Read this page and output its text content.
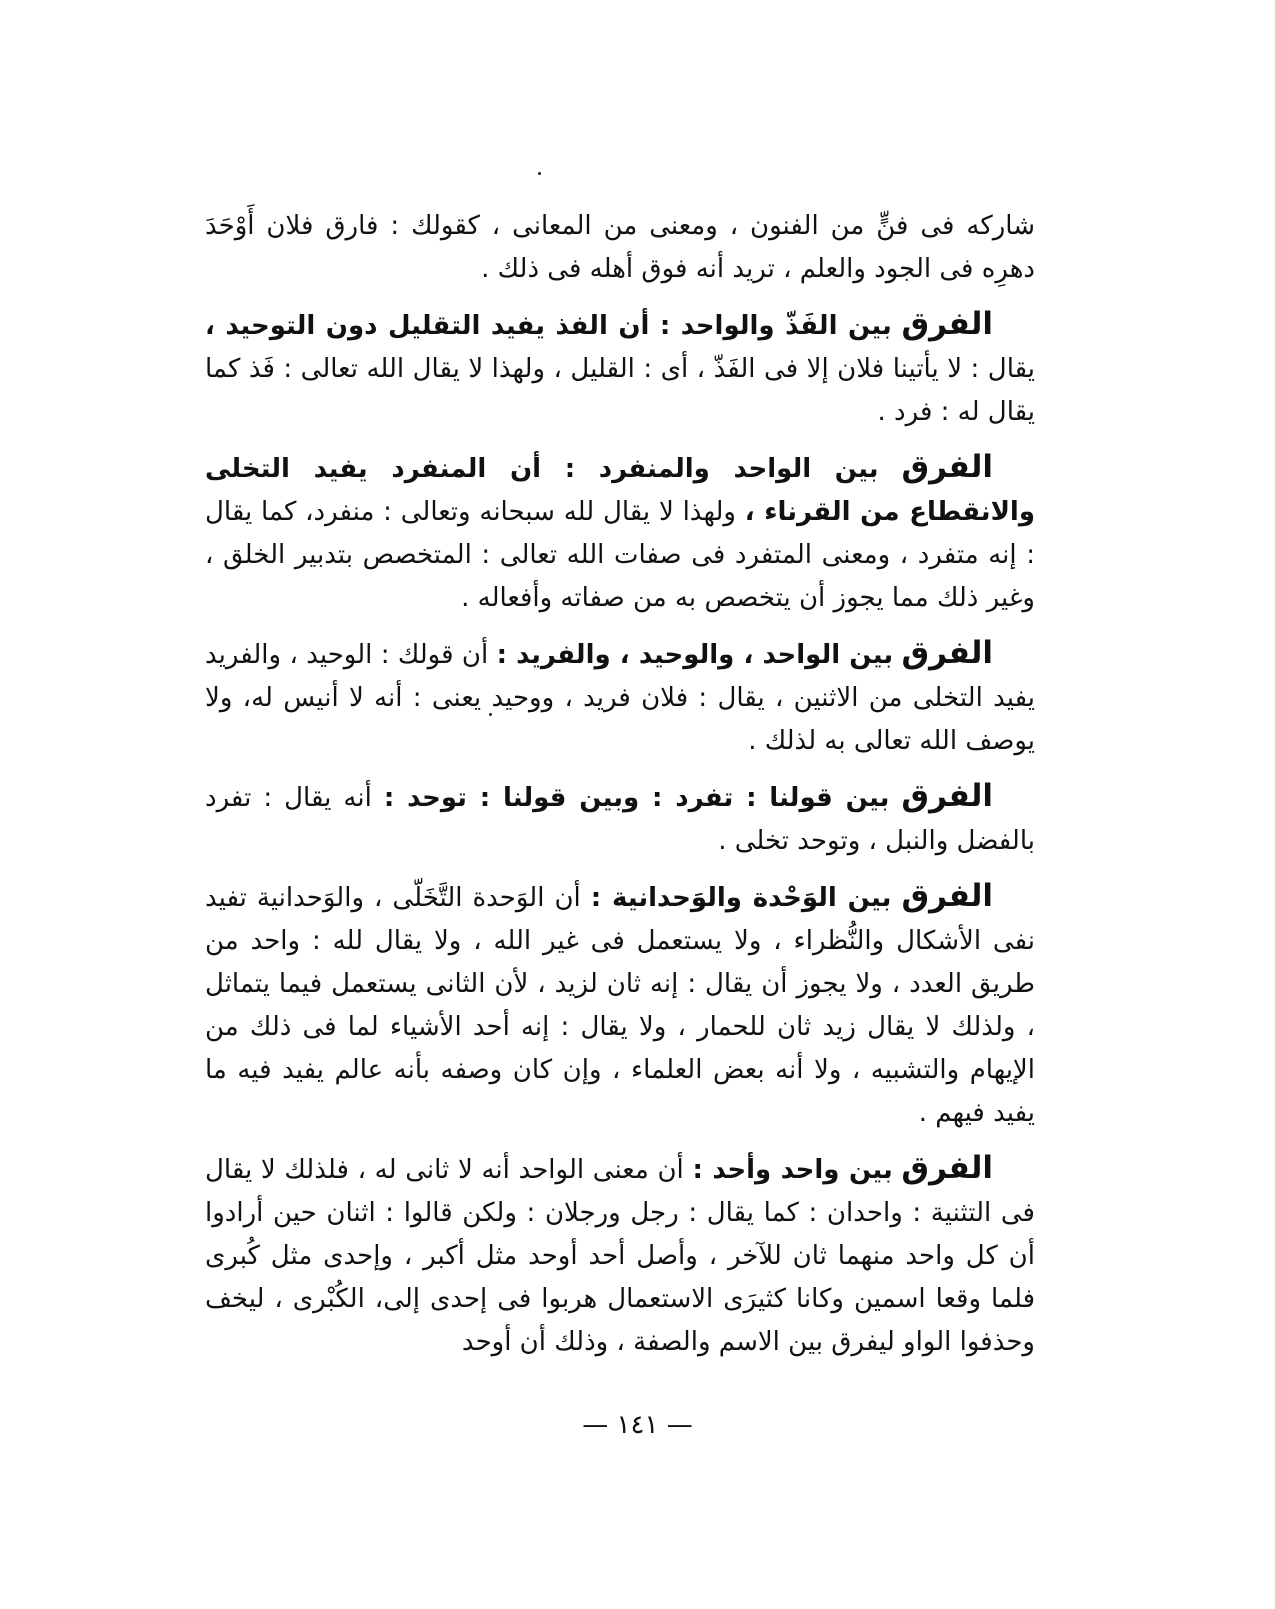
شاركه فى فنٍّ من الفنون ، ومعنى من المعانى ، كقولك : فارق فلان أَوْحَدَ دهرِه فى الجود والعلم ، تريد أنه فوق أهله فى ذلك .

الفرق بين الفَذّ والواحد : أن الفذ يفيد التقليل دون التوحيد ، يقال : لا يأتينا فلان إلا فى الفَذّ ، أى : القليل ، ولهذا لا يقال الله تعالى : فَذ كما يقال له : فرد .

الفرق بين الواحد والمنفرد : أن المنفرد يفيد التخلى والانقطاع من القرناء ، ولهذا لا يقال لله سبحانه وتعالى : منفرد، كما يقال : إنه متفرد ، ومعنى المتفرد فى صفات الله تعالى : المتخصص بتدبير الخلق ، وغير ذلك مما يجوز أن يتخصص به من صفاته وأفعاله .

الفرق بين الواحد ، والوحيد ، والفريد : أن قولك : الوحيد ، والفريد يفيد التخلى من الاثنين ، يقال : فلان فريد ، ووحيد يعنى : أنه لا أنيس له، ولا يوصف الله تعالى به لذلك .

الفرق بين قولنا : تفرد : وبين قولنا : توحد : أنه يقال : تفرد بالفضل والنبل ، وتوحد تخلى .

الفرق بين الوَحْدة والوَحدانية : أن الوَحدة التَّخَلّى ، والوَحدانية تفيد نفى الأشكال والنُّظراء ، ولا يستعمل فى غير الله ، ولا يقال لله : واحد من طريق العدد ، ولا يجوز أن يقال : إنه ثان لزيد ، لأن الثانى يستعمل فيما يتماثل ، ولذلك لا يقال زيد ثان للحمار ، ولا يقال : إنه أحد الأشياء لما فى ذلك من الإيهام والتشبيه ، ولا أنه بعض العلماء ، وإن كان وصفه بأنه عالم يفيد فيه ما يفيد فيهم .

الفرق بين واحد وأحد : أن معنى الواحد أنه لا ثانى له ، فلذلك لا يقال فى التثنية : واحدان : كما يقال : رجل ورجلان : ولكن قالوا : اثنان حين أرادوا أن كل واحد منهما ثان للآخر ، وأصل أحد أوحد مثل أكبر ، وإحدى مثل كُبرى فلما وقعا اسمين وكانا كثيرَى الاستعمال هربوا فى إحدى إلى، الكُبْرى ، ليخف وحذفوا الواو ليفرق بين الاسم والصفة ، وذلك أن أوحد

— ١٤١ —
